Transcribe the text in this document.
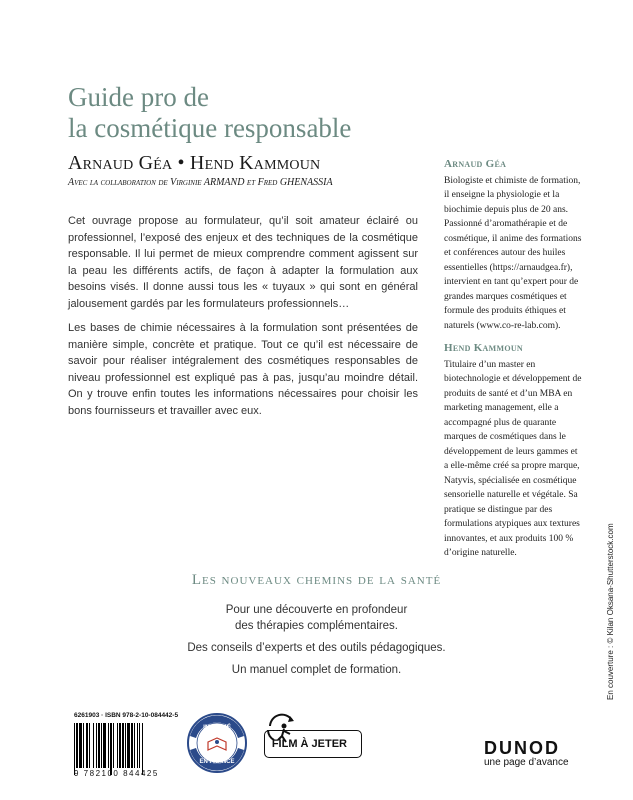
Guide pro de
la cosmétique responsable
Arnaud Géa • Hend Kammoun
Avec la collaboration de Virginie ARMAND et Fred GHENASSIA

Cet ouvrage propose au formulateur, qu’il soit amateur éclairé ou professionnel, l’exposé des enjeux et des techniques de la cosmétique responsable. Il lui permet de mieux comprendre comment agissent sur la peau les différents actifs, de façon à adapter la formulation aux besoins visés. Il donne aussi tous les « tuyaux » qui sont en général jalousement gardés par les formulateurs professionnels…

Les bases de chimie nécessaires à la formulation sont présentées de manière simple, concrète et pratique. Tout ce qu’il est nécessaire de savoir pour réaliser intégralement des cosmétiques responsables de niveau professionnel est expliqué pas à pas, jusqu’au moindre détail. On y trouve enfin toutes les informations nécessaires pour choisir les bons fournisseurs et travailler avec eux.

Arnaud Géa

Biologiste et chimiste de formation, il enseigne la physiologie et la biochimie depuis plus de 20 ans. Passionné d’aromathérapie et de cosmétique, il anime des formations et conférences autour des huiles essentielles (https://arnaudgea.fr), intervient en tant qu’expert pour de grandes marques cosmétiques et formule des produits éthiques et naturels (www.co-re-lab.com).

Hend Kammoun

Titulaire d’un master en biotechnologie et développement de produits de santé et d’un MBA en marketing management, elle a accompagné plus de quarante marques de cosmétiques dans le développement de leurs gammes et a elle-même créé sa propre marque, Natyvis, spécialisée en cosmétique sensorielle naturelle et végétale. Sa pratique se distingue par des formulations atypiques aux textures innovantes, et aux produits 100 % d’origine naturelle.

Les nouveaux chemins de la santé
Pour une découverte en profondeur
des thérapies complémentaires.
Des conseils d’experts et des outils pédagogiques.
Un manuel complet de formation.	En couverture : © Kilan Oksana-Shutterstock.com
6261903 · ISBN 978-2-10-084442-5
9 782100 844425
IMPRIMÉ
EN FRANCE
FILM À JETER	DUNOD
une page d’avance
